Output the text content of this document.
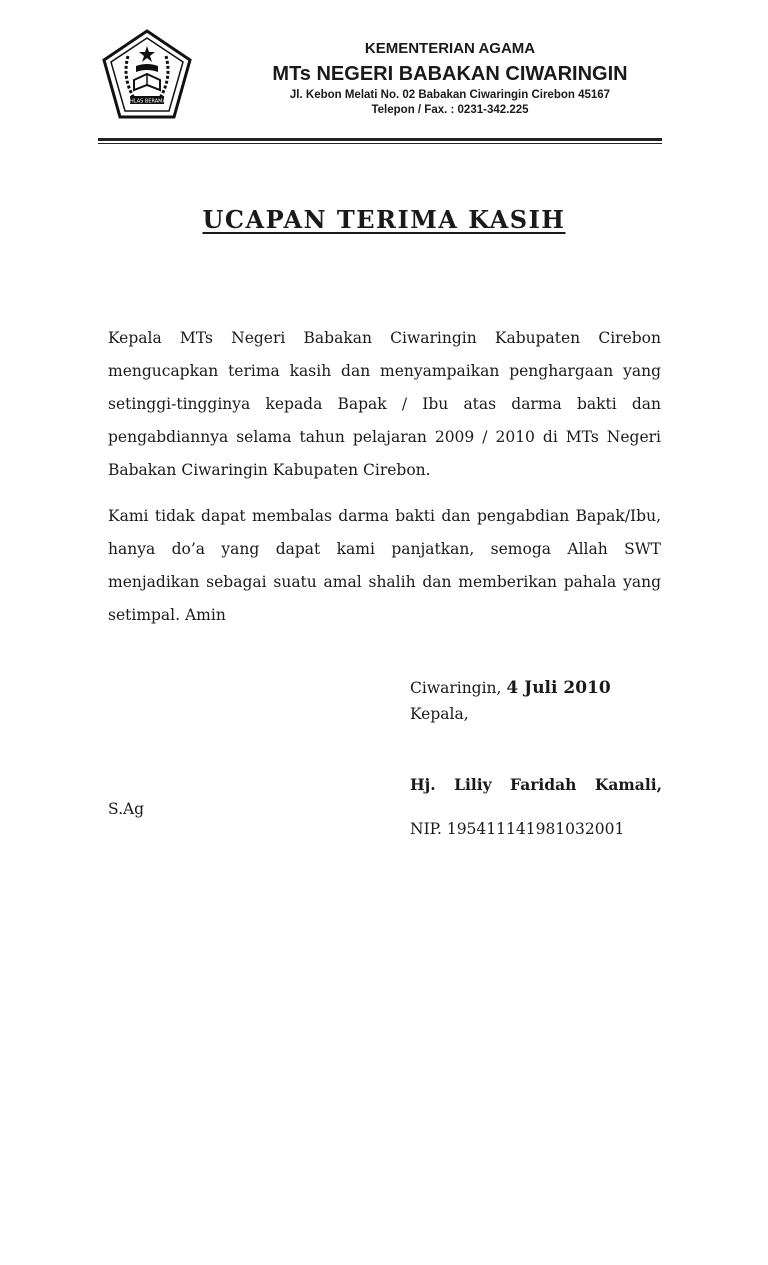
IKHLAS BERAMAL
KEMENTERIAN AGAMA
MTs NEGERI BABAKAN CIWARINGIN
Jl. Kebon Melati No. 02 Babakan Ciwaringin Cirebon 45167
Telepon / Fax. : 0231-342.225
UCAPAN TERIMA KASIH
Kepala MTs Negeri Babakan Ciwaringin Kabupaten Cirebon mengucapkan terima kasih dan menyampaikan penghargaan yang setinggi-tingginya kepada Bapak / Ibu atas darma bakti dan pengabdiannya selama tahun pelajaran 2009 / 2010 di MTs Negeri Babakan Ciwaringin Kabupaten Cirebon.
Kami tidak dapat membalas darma bakti dan pengabdian Bapak/Ibu, hanya do’a yang dapat kami panjatkan, semoga Allah SWT menjadikan sebagai suatu amal shalih dan memberikan pahala yang setimpal. Amin
Ciwaringin, 4 Juli 2010
Kepala,
Hj. Liliy Faridah Kamali,
S.Ag
NIP. 195411141981032001
